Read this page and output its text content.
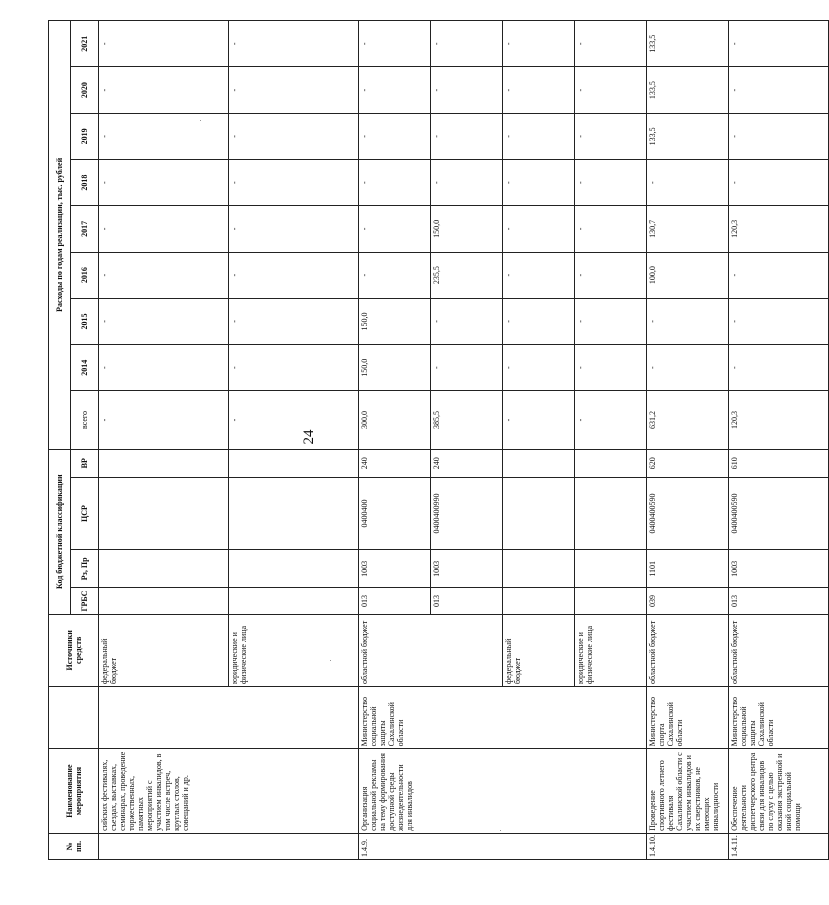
24
№ пп.	Наименование мероприятия		Источники средств	Код бюджетной классификации				Расходы по годам реализации, тыс. рублей								
				ГРБС	Рз, Пр	ЦСР	ВР	всего	2014	2015	2016	2017	2018	2019	2020	2021
	сийских фестивалях, съездах, выставках, семинарах, проведение торжественных, памятных мероприятий с участием инвалидов, в том числе встреч, круглых столов, совещаний и др.		федеральный бюджет					-	-	-	-	-	-	-	-	-
			юридические и физические лица					-	-	-	-	-	-	-	-	-
1.4.9.	Организация социальной рекламы на тему формирования доступной среды жизнедеятельности для инвалидов	Министерство социальной защиты Сахалинской области	областной бюджет	013	1003	0400400	240	300,0	150,0	150,0	-	-	-	-	-	-
				013	1003	0400400990	240	385,5	-	-	235,5	150,0	-	-	-	-
			федеральный бюджет					-	-	-	-	-	-	-	-	-
			юридические и физические лица					-	-	-	-	-	-	-	-	-
1.4.10.	Проведение спортивного летнего фестиваля Сахалинской области с участием инвалидов и их сверстников, не имеющих инвалидности	Министерство спорта Сахалинской области	областной бюджет	039	1101	0400400590	620	631,2	-	-	100,0	130,7	-	133,5	133,5	133,5
1.4.11.	Обеспечение деятельности диспетчерского центра связи для инвалидов по слуху с целью оказания экстренной и иной социальной помощи	Министерство социальной защиты Сахалинской области	областной бюджет	013	1003	0400400590	610	120,3	-	-	-	120,3	-	-	-	-
